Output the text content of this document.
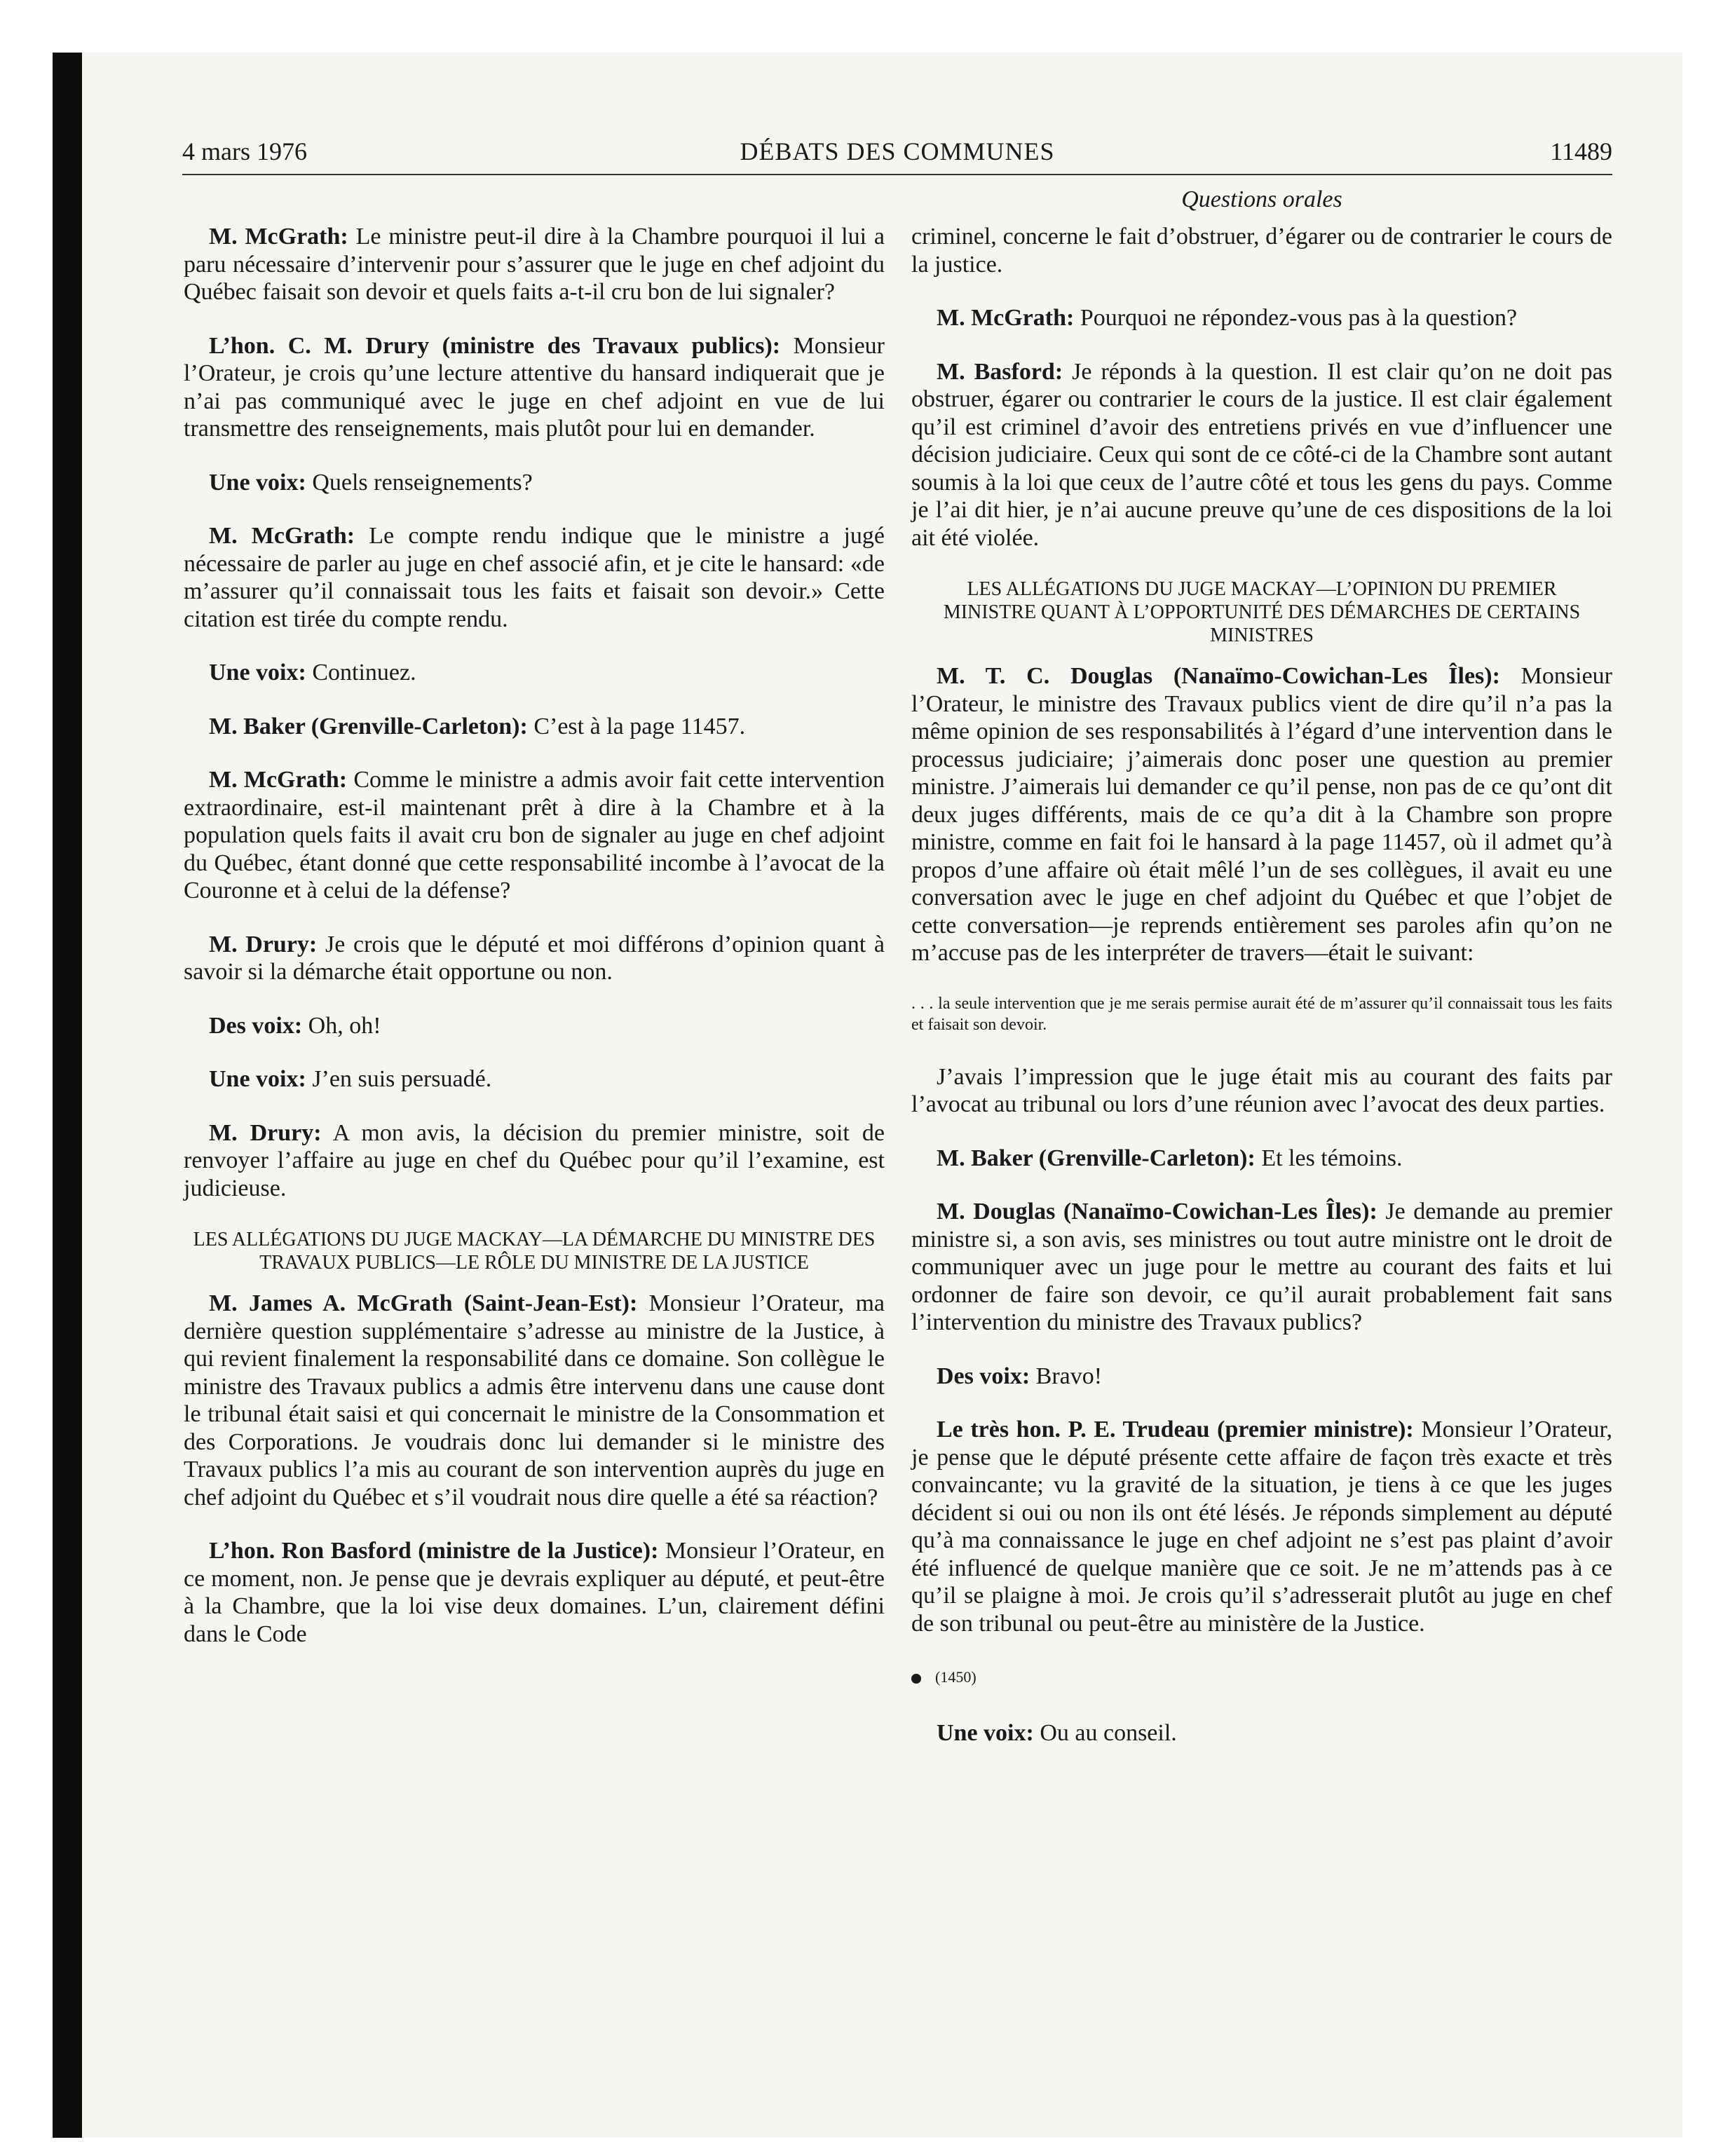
4 mars 1976	DÉBATS DES COMMUNES	11489

M. McGrath: Le ministre peut-il dire à la Chambre pourquoi il lui a paru nécessaire d’intervenir pour s’assurer que le juge en chef adjoint du Québec faisait son devoir et quels faits a-t-il cru bon de lui signaler?

L’hon. C. M. Drury (ministre des Travaux publics): Monsieur l’Orateur, je crois qu’une lecture attentive du hansard indiquerait que je n’ai pas communiqué avec le juge en chef adjoint en vue de lui transmettre des renseignements, mais plutôt pour lui en demander.

Une voix: Quels renseignements?

M. McGrath: Le compte rendu indique que le ministre a jugé nécessaire de parler au juge en chef associé afin, et je cite le hansard: «de m’assurer qu’il connaissait tous les faits et faisait son devoir.» Cette citation est tirée du compte rendu.

Une voix: Continuez.

M. Baker (Grenville-Carleton): C’est à la page 11457.

M. McGrath: Comme le ministre a admis avoir fait cette intervention extraordinaire, est-il maintenant prêt à dire à la Chambre et à la population quels faits il avait cru bon de signaler au juge en chef adjoint du Québec, étant donné que cette responsabilité incombe à l’avocat de la Couronne et à celui de la défense?

M. Drury: Je crois que le député et moi différons d’opinion quant à savoir si la démarche était opportune ou non.

Des voix: Oh, oh!

Une voix: J’en suis persuadé.

M. Drury: A mon avis, la décision du premier ministre, soit de renvoyer l’affaire au juge en chef du Québec pour qu’il l’examine, est judicieuse.

LES ALLÉGATIONS DU JUGE MACKAY—LA DÉMARCHE DU MINISTRE DES TRAVAUX PUBLICS—LE RÔLE DU MINISTRE DE LA JUSTICE

M. James A. McGrath (Saint-Jean-Est): Monsieur l’Orateur, ma dernière question supplémentaire s’adresse au ministre de la Justice, à qui revient finalement la responsabilité dans ce domaine. Son collègue le ministre des Travaux publics a admis être intervenu dans une cause dont le tribunal était saisi et qui concernait le ministre de la Consommation et des Corporations. Je voudrais donc lui demander si le ministre des Travaux publics l’a mis au courant de son intervention auprès du juge en chef adjoint du Québec et s’il voudrait nous dire quelle a été sa réaction?

L’hon. Ron Basford (ministre de la Justice): Monsieur l’Orateur, en ce moment, non. Je pense que je devrais expliquer au député, et peut-être à la Chambre, que la loi vise deux domaines. L’un, clairement défini dans le Code

Questions orales

criminel, concerne le fait d’obstruer, d’égarer ou de contrarier le cours de la justice.

M. McGrath: Pourquoi ne répondez-vous pas à la question?

M. Basford: Je réponds à la question. Il est clair qu’on ne doit pas obstruer, égarer ou contrarier le cours de la justice. Il est clair également qu’il est criminel d’avoir des entretiens privés en vue d’influencer une décision judiciaire. Ceux qui sont de ce côté-ci de la Chambre sont autant soumis à la loi que ceux de l’autre côté et tous les gens du pays. Comme je l’ai dit hier, je n’ai aucune preuve qu’une de ces dispositions de la loi ait été violée.

LES ALLÉGATIONS DU JUGE MACKAY—L’OPINION DU PREMIER MINISTRE QUANT À L’OPPORTUNITÉ DES DÉMARCHES DE CERTAINS MINISTRES

M. T. C. Douglas (Nanaïmo-Cowichan-Les Îles): Monsieur l’Orateur, le ministre des Travaux publics vient de dire qu’il n’a pas la même opinion de ses responsabilités à l’égard d’une intervention dans le processus judiciaire; j’aimerais donc poser une question au premier ministre. J’aimerais lui demander ce qu’il pense, non pas de ce qu’ont dit deux juges différents, mais de ce qu’a dit à la Chambre son propre ministre, comme en fait foi le hansard à la page 11457, où il admet qu’à propos d’une affaire où était mêlé l’un de ses collègues, il avait eu une conversation avec le juge en chef adjoint du Québec et que l’objet de cette conversation—je reprends entièrement ses paroles afin qu’on ne m’accuse pas de les interpréter de travers—était le suivant:

. . . la seule intervention que je me serais permise aurait été de m’assurer qu’il connaissait tous les faits et faisait son devoir.

J’avais l’impression que le juge était mis au courant des faits par l’avocat au tribunal ou lors d’une réunion avec l’avocat des deux parties.

M. Baker (Grenville-Carleton): Et les témoins.

M. Douglas (Nanaïmo-Cowichan-Les Îles): Je demande au premier ministre si, a son avis, ses ministres ou tout autre ministre ont le droit de communiquer avec un juge pour le mettre au courant des faits et lui ordonner de faire son devoir, ce qu’il aurait probablement fait sans l’intervention du ministre des Travaux publics?

Des voix: Bravo!

Le très hon. P. E. Trudeau (premier ministre): Monsieur l’Orateur, je pense que le député présente cette affaire de façon très exacte et très convaincante; vu la gravité de la situation, je tiens à ce que les juges décident si oui ou non ils ont été lésés. Je réponds simplement au député qu’à ma connaissance le juge en chef adjoint ne s’est pas plaint d’avoir été influencé de quelque manière que ce soit. Je ne m’attends pas à ce qu’il se plaigne à moi. Je crois qu’il s’adresserait plutôt au juge en chef de son tribunal ou peut-être au ministère de la Justice.

(1450)

Une voix: Ou au conseil.
